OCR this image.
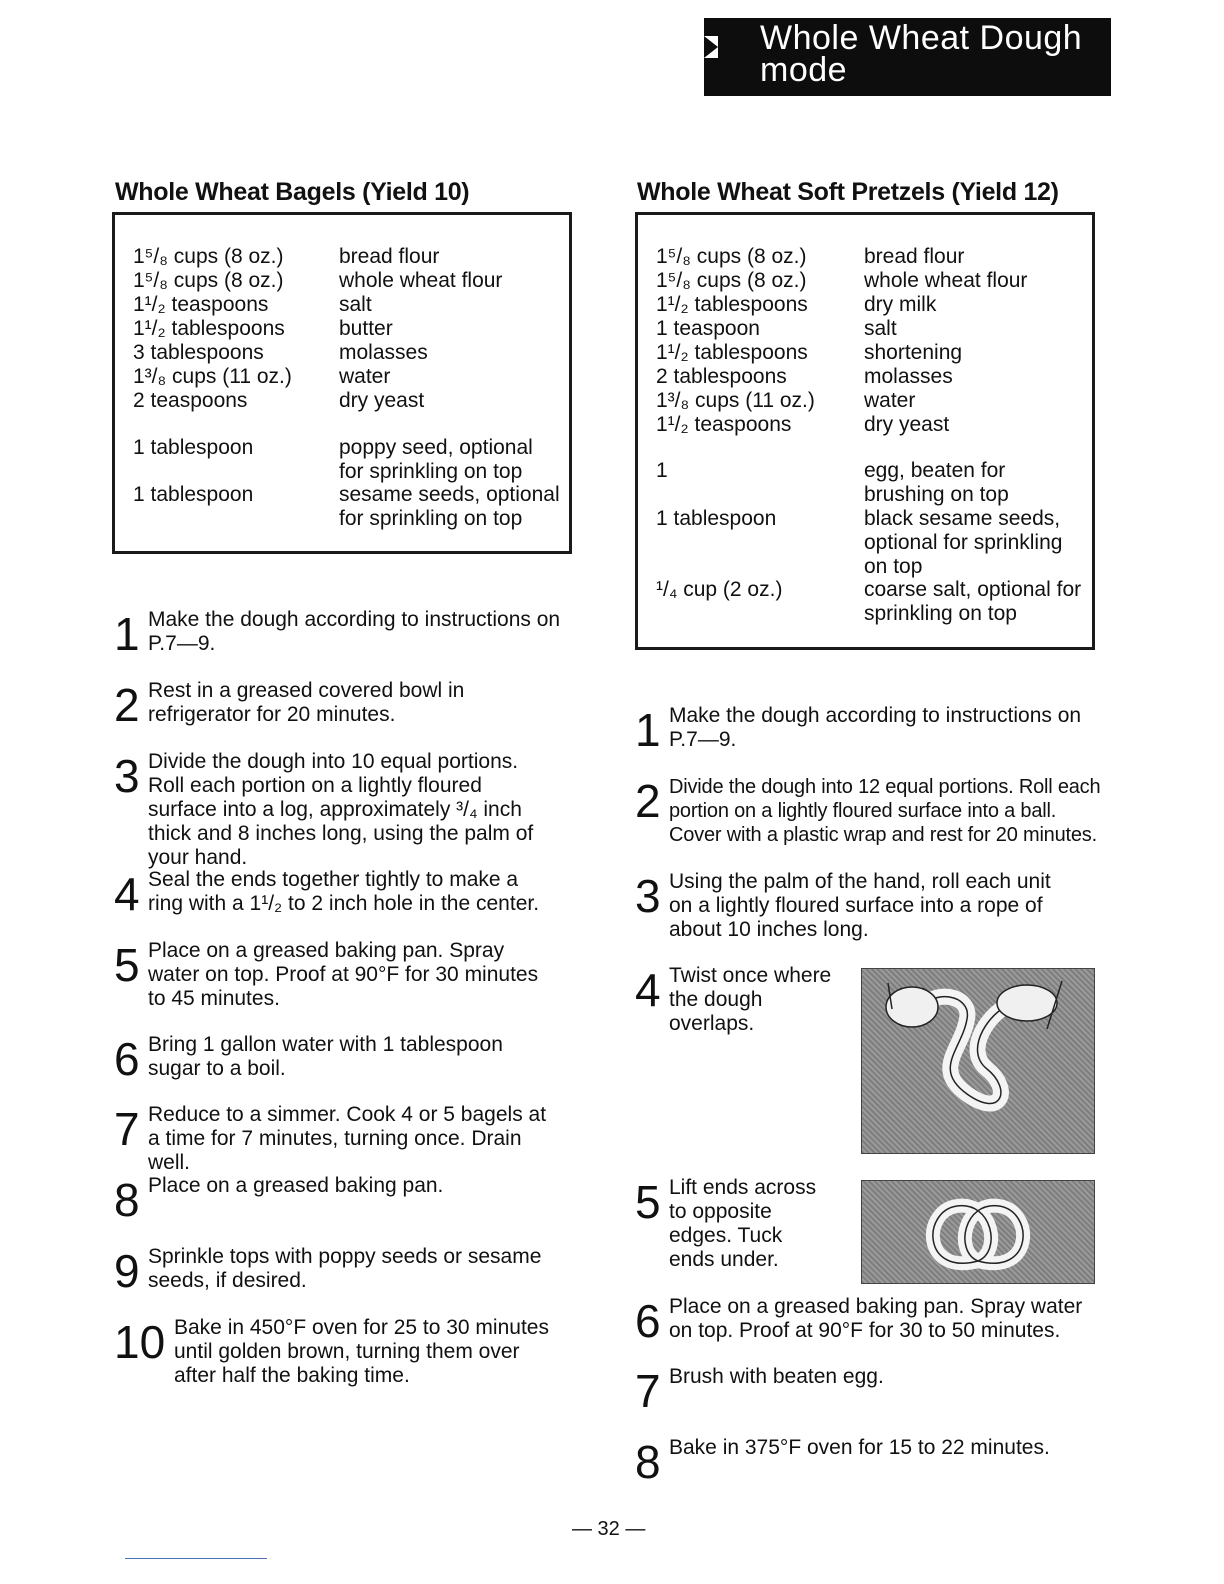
Whole Wheat Dough
mode
Whole Wheat Bagels (Yield 10)
1⁵/₈ cups (8 oz.)	bread flour
1⁵/₈ cups (8 oz.)	whole wheat flour
1¹/₂ teaspoons	salt
1¹/₂ tablespoons	butter
3 tablespoons	molasses
1³/₈ cups (11 oz.) water
2 teaspoons	dry yeast
1 tablespoon	poppy seed, optional for sprinkling on top
1 tablespoon	sesame seeds, optional for sprinkling on top
1 Make the dough according to instructions on P.7—9.
2 Rest in a greased covered bowl in refrigerator for 20 minutes.
3 Divide the dough into 10 equal portions. Roll each portion on a lightly floured surface into a log, approximately ³/₄ inch thick and 8 inches long, using the palm of your hand.
4 Seal the ends together tightly to make a ring with a 1¹/₂ to 2 inch hole in the center.
5 Place on a greased baking pan. Spray water on top. Proof at 90°F for 30 minutes to 45 minutes.
6 Bring 1 gallon water with 1 tablespoon sugar to a boil.
7 Reduce to a simmer. Cook 4 or 5 bagels at a time for 7 minutes, turning once. Drain well.
8 Place on a greased baking pan.
9 Sprinkle tops with poppy seeds or sesame seeds, if desired.
10 Bake in 450°F oven for 25 to 30 minutes until golden brown, turning them over after half the baking time.
Whole Wheat Soft Pretzels (Yield 12)
1⁵/₈ cups (8 oz.)	bread flour
1⁵/₈ cups (8 oz.)	whole wheat flour
1¹/₂ tablespoons	dry milk
1 teaspoon	salt
1¹/₂ tablespoons	shortening
2 tablespoons	molasses
1³/₈ cups (11 oz.) water
1¹/₂ teaspoons	dry yeast
1	egg, beaten for brushing on top
1 tablespoon	black sesame seeds, optional for sprinkling on top
¹/₄ cup (2 oz.)	coarse salt, optional for sprinkling on top
1 Make the dough according to instructions on P.7—9.
2 Divide the dough into 12 equal portions. Roll each portion on a lightly floured surface into a ball. Cover with a plastic wrap and rest for 20 minutes.
3 Using the palm of the hand, roll each unit on a lightly floured surface into a rope of about 10 inches long.
4 Twist once where the dough overlaps.
5 Lift ends across to opposite edges. Tuck ends under.
6 Place on a greased baking pan. Spray water on top. Proof at 90°F for 30 to 50 minutes.
7 Brush with beaten egg.
8 Bake in 375°F oven for 15 to 22 minutes.
— 32 —
